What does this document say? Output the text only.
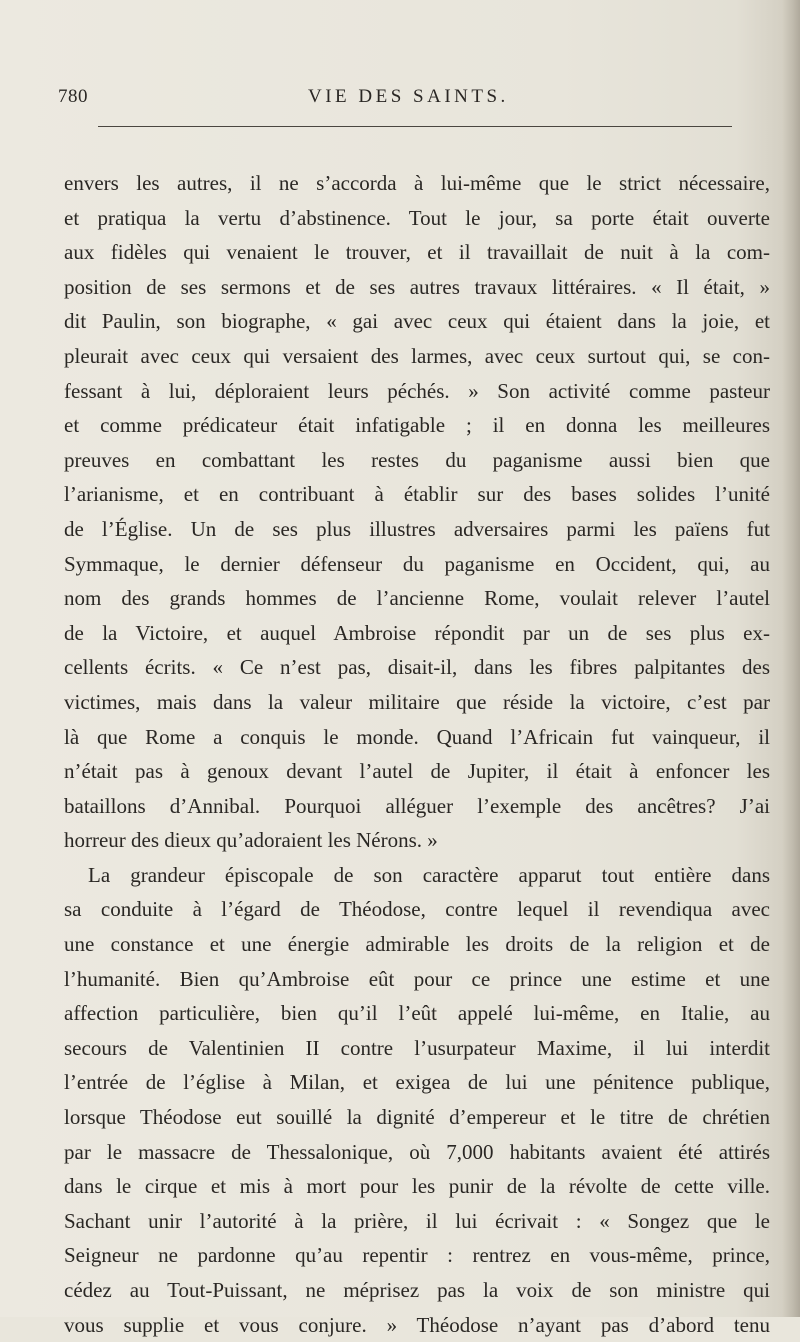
780	VIE DES SAINTS.
envers les autres, il ne s’accorda à lui-même que le strict nécessaire,
et pratiqua la vertu d’abstinence. Tout le jour, sa porte était ouverte
aux fidèles qui venaient le trouver, et il travaillait de nuit à la com-
position de ses sermons et de ses autres travaux littéraires. « Il était, »
dit Paulin, son biographe, « gai avec ceux qui étaient dans la joie, et
pleurait avec ceux qui versaient des larmes, avec ceux surtout qui, se con-
fessant à lui, déploraient leurs péchés. » Son activité comme pasteur
et comme prédicateur était infatigable ; il en donna les meilleures
preuves en combattant les restes du paganisme aussi bien que
l’arianisme, et en contribuant à établir sur des bases solides l’unité
de l’Église. Un de ses plus illustres adversaires parmi les païens fut
Symmaque, le dernier défenseur du paganisme en Occident, qui, au
nom des grands hommes de l’ancienne Rome, voulait relever l’autel
de la Victoire, et auquel Ambroise répondit par un de ses plus ex-
cellents écrits. « Ce n’est pas, disait-il, dans les fibres palpitantes des
victimes, mais dans la valeur militaire que réside la victoire, c’est par
là que Rome a conquis le monde. Quand l’Africain fut vainqueur, il
n’était pas à genoux devant l’autel de Jupiter, il était à enfoncer les
bataillons d’Annibal. Pourquoi alléguer l’exemple des ancêtres? J’ai
horreur des dieux qu’adoraient les Nérons. »
La grandeur épiscopale de son caractère apparut tout entière dans
sa conduite à l’égard de Théodose, contre lequel il revendiqua avec
une constance et une énergie admirable les droits de la religion et de
l’humanité. Bien qu’Ambroise eût pour ce prince une estime et une
affection particulière, bien qu’il l’eût appelé lui-même, en Italie, au
secours de Valentinien II contre l’usurpateur Maxime, il lui interdit
l’entrée de l’église à Milan, et exigea de lui une pénitence publique,
lorsque Théodose eut souillé la dignité d’empereur et le titre de chrétien
par le massacre de Thessalonique, où 7,000 habitants avaient été attirés
dans le cirque et mis à mort pour les punir de la révolte de cette ville.
Sachant unir l’autorité à la prière, il lui écrivait : « Songez que le
Seigneur ne pardonne qu’au repentir : rentrez en vous-même, prince,
cédez au Tout-Puissant, ne méprisez pas la voix de son ministre qui
vous supplie et vous conjure. » Théodose n’ayant pas d’abord tenu
